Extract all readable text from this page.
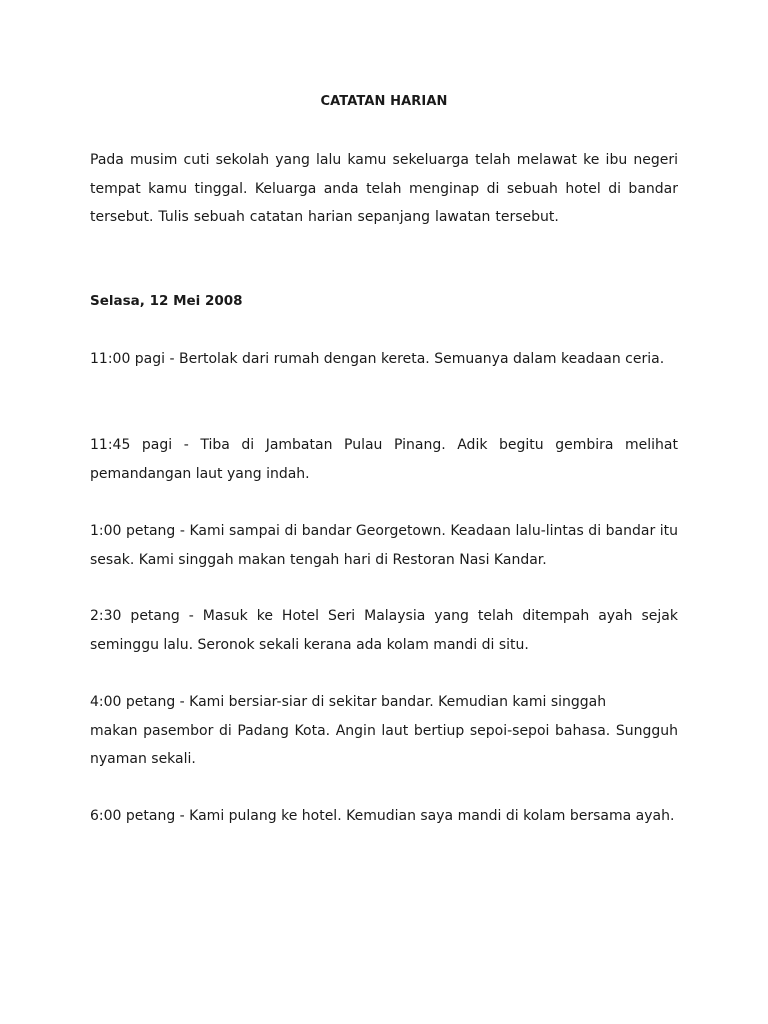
CATATAN HARIAN
Pada musim cuti sekolah yang lalu kamu sekeluarga telah melawat ke ibu negeri tempat kamu tinggal. Keluarga anda telah menginap di sebuah hotel di bandar tersebut. Tulis sebuah catatan harian sepanjang lawatan tersebut.
Selasa, 12 Mei 2008
11:00 pagi - Bertolak dari rumah dengan kereta. Semuanya dalam keadaan ceria.
11:45 pagi - Tiba di Jambatan Pulau Pinang. Adik begitu gembira melihat pemandangan laut yang indah.
1:00 petang - Kami sampai di bandar Georgetown. Keadaan lalu-lintas di bandar itu sesak. Kami singgah makan tengah hari di Restoran Nasi Kandar.
2:30 petang - Masuk ke Hotel Seri Malaysia yang telah ditempah ayah sejak seminggu lalu. Seronok sekali kerana ada kolam mandi di situ.
4:00 petang - Kami bersiar-siar di sekitar bandar. Kemudian kami singgah
makan pasembor di Padang Kota. Angin laut bertiup sepoi-sepoi bahasa. Sungguh nyaman sekali.
6:00 petang - Kami pulang ke hotel. Kemudian saya mandi di kolam bersama ayah.
